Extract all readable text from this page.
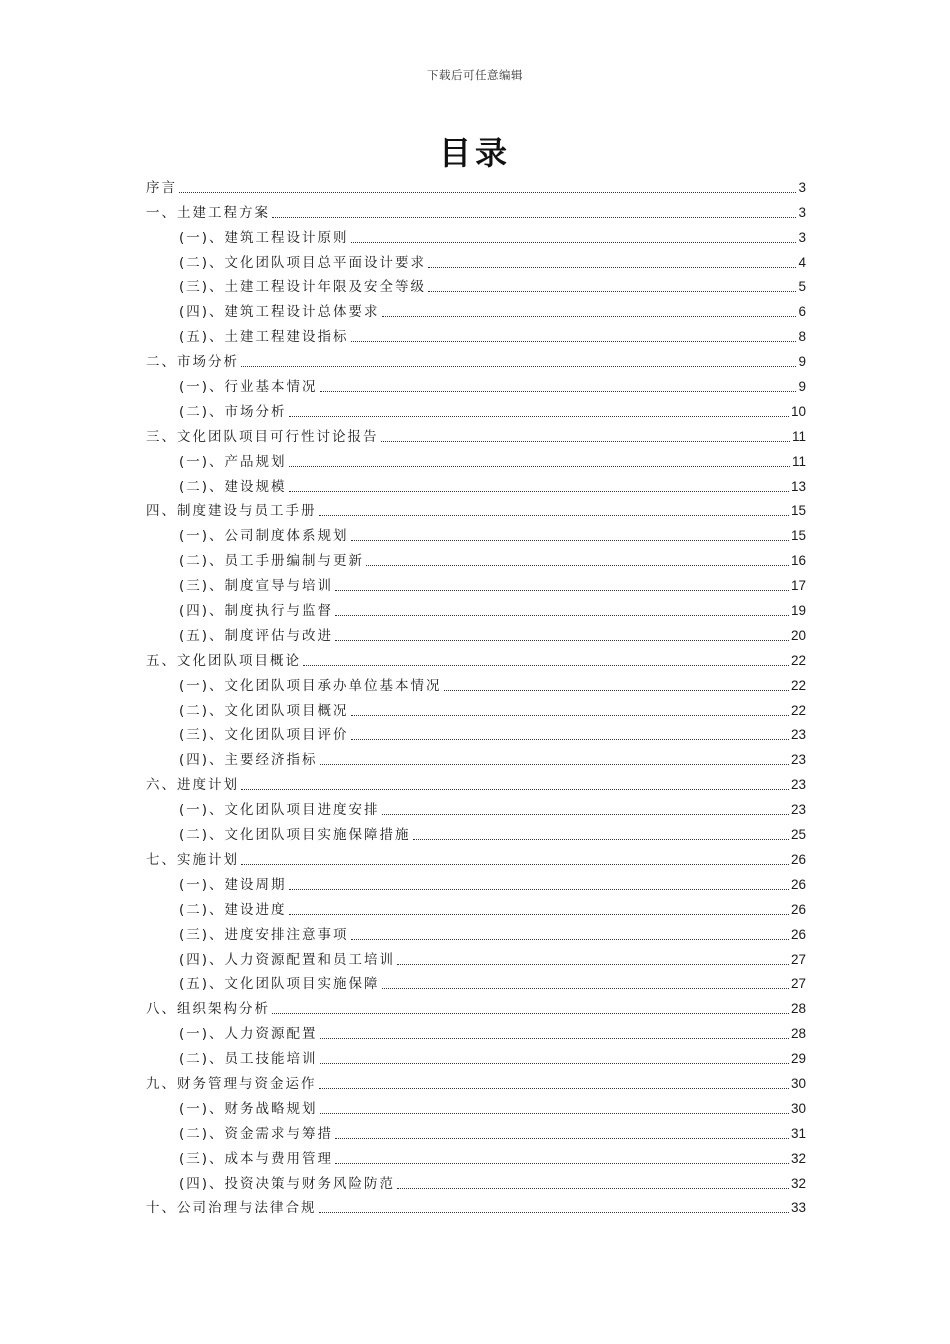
下载后可任意编辑
目录
序言	3
一、土建工程方案	3
(一)、建筑工程设计原则	3
(二)、文化团队项目总平面设计要求	4
(三)、土建工程设计年限及安全等级	5
(四)、建筑工程设计总体要求	6
(五)、土建工程建设指标	8
二、市场分析	9
(一)、行业基本情况	9
(二)、市场分析	10
三、文化团队项目可行性讨论报告	11
(一)、产品规划	11
(二)、建设规模	13
四、制度建设与员工手册	15
(一)、公司制度体系规划	15
(二)、员工手册编制与更新	16
(三)、制度宣导与培训	17
(四)、制度执行与监督	19
(五)、制度评估与改进	20
五、文化团队项目概论	22
(一)、文化团队项目承办单位基本情况	22
(二)、文化团队项目概况	22
(三)、文化团队项目评价	23
(四)、主要经济指标	23
六、进度计划	23
(一)、文化团队项目进度安排	23
(二)、文化团队项目实施保障措施	25
七、实施计划	26
(一)、建设周期	26
(二)、建设进度	26
(三)、进度安排注意事项	26
(四)、人力资源配置和员工培训	27
(五)、文化团队项目实施保障	27
八、组织架构分析	28
(一)、人力资源配置	28
(二)、员工技能培训	29
九、财务管理与资金运作	30
(一)、财务战略规划	30
(二)、资金需求与筹措	31
(三)、成本与费用管理	32
(四)、投资决策与财务风险防范	32
十、公司治理与法律合规	33
